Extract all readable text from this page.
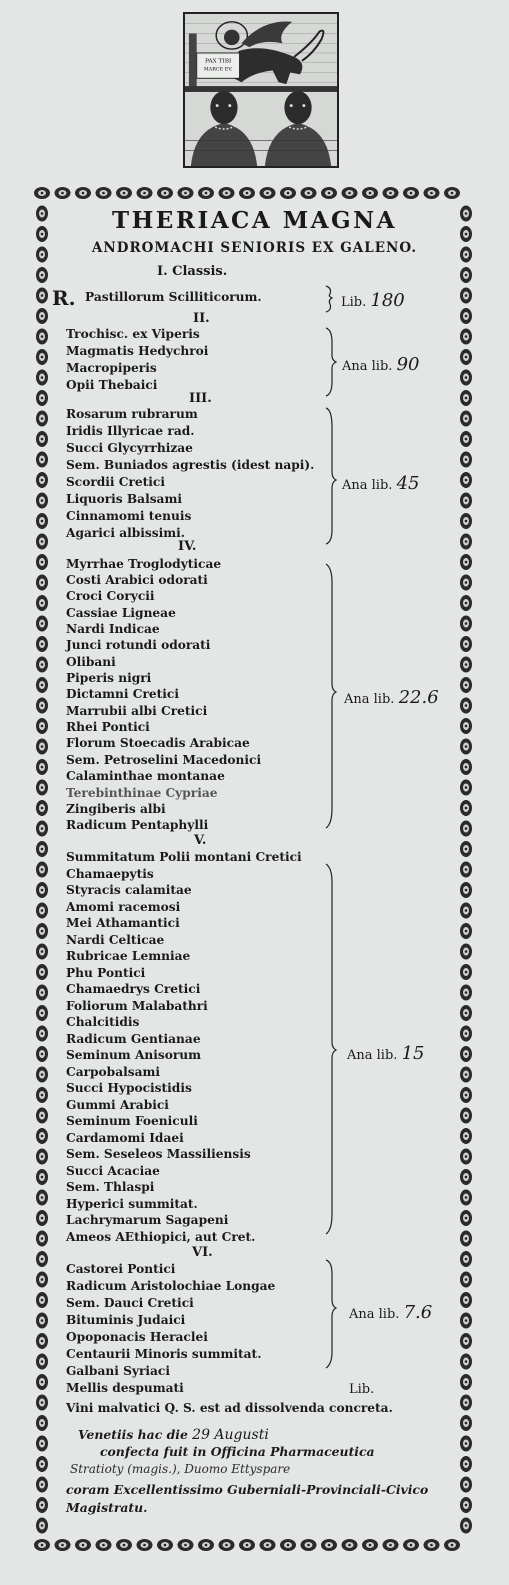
PAX TIBI
MARCE EV.
THERIACA MAGNA
ANDROMACHI SENIORIS EX GALENO.
R.
I. Classis.
Pastillorum Scilliticorum.	Lib. 180
II.
Trochisc. ex Viperis
Magmatis Hedychroi
Macropiperis
Opii Thebaici
Ana lib. 90
III.
Rosarum rubrarum
Iridis Illyricae rad.
Succi Glycyrrhizae
Sem. Buniados agrestis (idest napi).
Scordii Cretici
Liquoris Balsami
Cinnamomi tenuis
Agarici albissimi.
Ana lib. 45
IV.
Myrrhae Troglodyticae
Costi Arabici odorati
Croci Corycii
Cassiae Ligneae
Nardi Indicae
Junci rotundi odorati
Olibani
Piperis nigri
Dictamni Cretici
Marrubii albi Cretici
Rhei Pontici
Florum Stoecadis Arabicae
Sem. Petroselini Macedonici
Calaminthae montanae
Terebinthinae Cypriae
Zingiberis albi
Radicum Pentaphylli
Ana lib. 22.6
V.
Summitatum Polii montani Cretici
Chamaepytis
Styracis calamitae
Amomi racemosi
Mei Athamantici
Nardi Celticae
Rubricae Lemniae
Phu Pontici
Chamaedrys Cretici
Foliorum Malabathri
Chalcitidis
Radicum Gentianae
Seminum Anisorum
Carpobalsami
Succi Hypocistidis
Gummi Arabici
Seminum Foeniculi
Cardamomi Idaei
Sem. Seseleos Massiliensis
Succi Acaciae
Sem. Thlaspi
Hyperici summitat.
Lachrymarum Sagapeni
Ameos AEthiopici, aut Cret.
Ana lib. 15
VI.
Castorei Pontici
Radicum Aristolochiae Longae
Sem. Dauci Cretici
Bituminis Judaici
Opoponacis Heraclei
Centaurii Minoris summitat.
Galbani Syriaci
Ana lib. 7.6
Mellis despumati	Lib.
Vini malvatici Q. S. est ad dissolvenda concreta.
Venetiis hac die 29 Augusti
confecta fuit in Officina Pharmaceutica
Stratioty (magis.), Duomo Ettyspare
coram Excellentissimo Guberniali-Provinciali-Civico
Magistratu.
